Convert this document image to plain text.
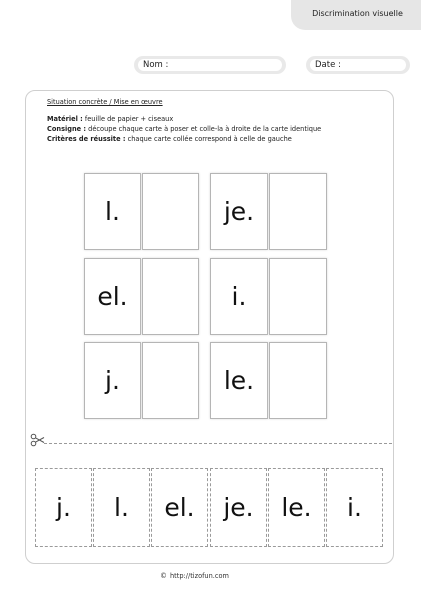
Discrimination visuelle
Nom :	Date :
Situation concrète / Mise en œuvre
Matériel : feuille de papier + ciseaux
Consigne : découpe chaque carte à poser et colle-la à droite de la carte identique
Critères de réussite : chaque carte collée correspond à celle de gauche
l.	je.
el.	i.
j.	le.
j.	l.	el.	je.	le.	i.
© http://tizofun.com
